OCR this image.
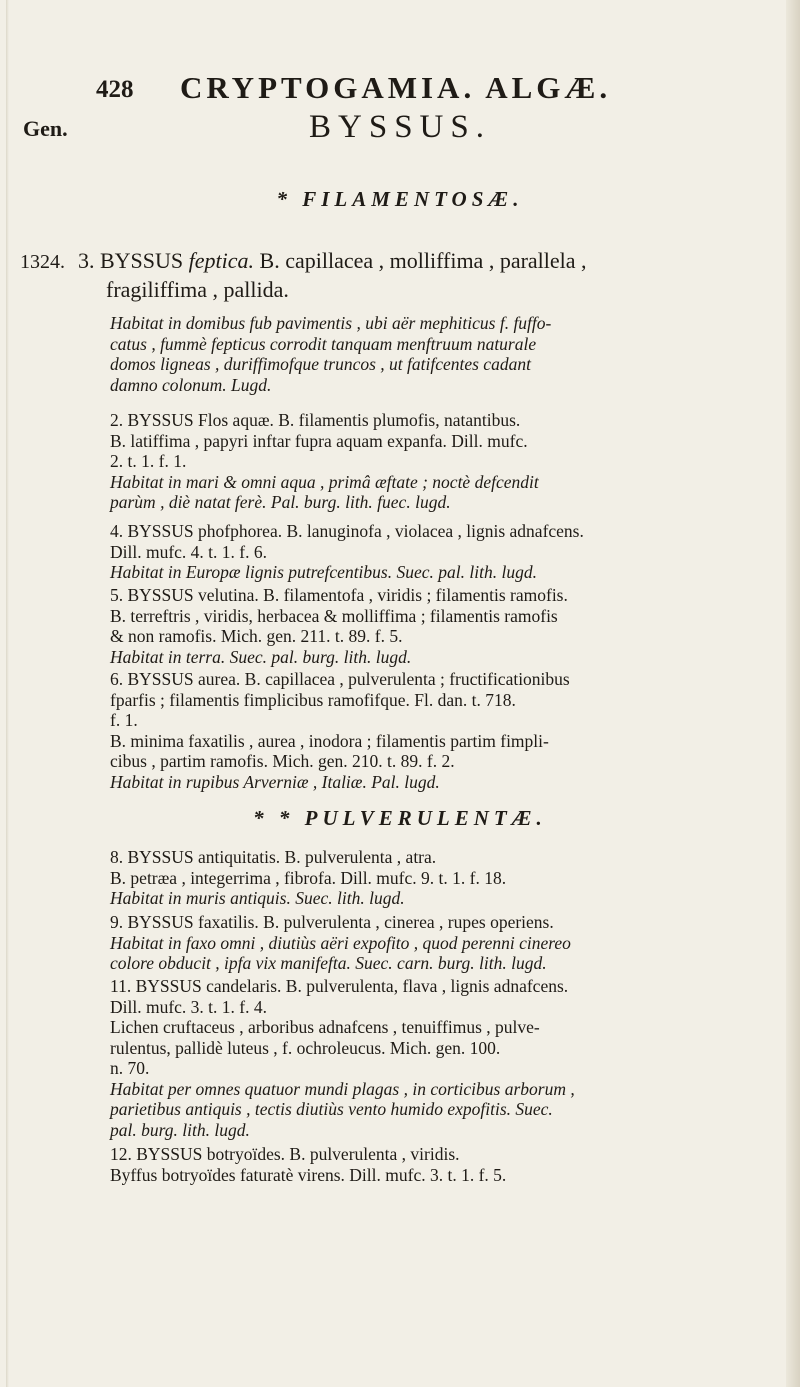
428 CRYPTOGAMIA. ALGÆ.

Gen.	BYSSUS.
* FILAMENTOSÆ.
1324. 3. BYSSUS feptica. B. capillacea , molliffima , parallela ,
fragiliffima , pallida.

Habitat in domibus fub pavimentis , ubi aër mephiticus f. fuffo-
catus , fummè fepticus corrodit tanquam menftruum naturale
domos ligneas , duriffimofque truncos , ut fatifcentes cadant
damno colonum. Lugd.
2. BYSSUS Flos aquæ. B. filamentis plumofis, natantibus.
B. latiffima , papyri inftar fupra aquam expanfa. Dill. mufc.
2. t. 1. f. 1.
Habitat in mari & omni aqua , primâ æftate ; noctè defcendit
parùm , diè natat ferè. Pal. burg. lith. fuec. lugd.
4. BYSSUS phofphorea. B. lanuginofa , violacea , lignis adnafcens.
Dill. mufc. 4. t. 1. f. 6.
Habitat in Europæ lignis putrefcentibus. Suec. pal. lith. lugd.
5. BYSSUS velutina. B. filamentofa , viridis ; filamentis ramofis.
B. terreftris , viridis, herbacea & molliffima ; filamentis ramofis
& non ramofis. Mich. gen. 211. t. 89. f. 5.
Habitat in terra. Suec. pal. burg. lith. lugd.
6. BYSSUS aurea. B. capillacea , pulverulenta ; fructificationibus
fparfis ; filamentis fimplicibus ramofifque. Fl. dan. t. 718.
f. 1.
B. minima faxatilis , aurea , inodora ; filamentis partim fimpli-
cibus , partim ramofis. Mich. gen. 210. t. 89. f. 2.
Habitat in rupibus Arverniæ , Italiæ. Pal. lugd.
* * PULVERULENTÆ.
8. BYSSUS antiquitatis. B. pulverulenta , atra.
B. petræa , integerrima , fibrofa. Dill. mufc. 9. t. 1. f. 18.
Habitat in muris antiquis. Suec. lith. lugd.
9. BYSSUS faxatilis. B. pulverulenta , cinerea , rupes operiens.
Habitat in faxo omni , diutiùs aëri expofito , quod perenni cinereo
colore obducit , ipfa vix manifefta. Suec. carn. burg. lith. lugd.
11. BYSSUS candelaris. B. pulverulenta, flava , lignis adnafcens.
Dill. mufc. 3. t. 1. f. 4.
Lichen cruftaceus , arboribus adnafcens , tenuiffimus , pulve-
rulentus, pallidè luteus , f. ochroleucus. Mich. gen. 100.
n. 70.
Habitat per omnes quatuor mundi plagas , in corticibus arborum ,
parietibus antiquis , tectis diutiùs vento humido expofitis. Suec.
pal. burg. lith. lugd.
12. BYSSUS botryoïdes. B. pulverulenta , viridis.
Byffus botryoïdes faturatè virens. Dill. mufc. 3. t. 1. f. 5.
